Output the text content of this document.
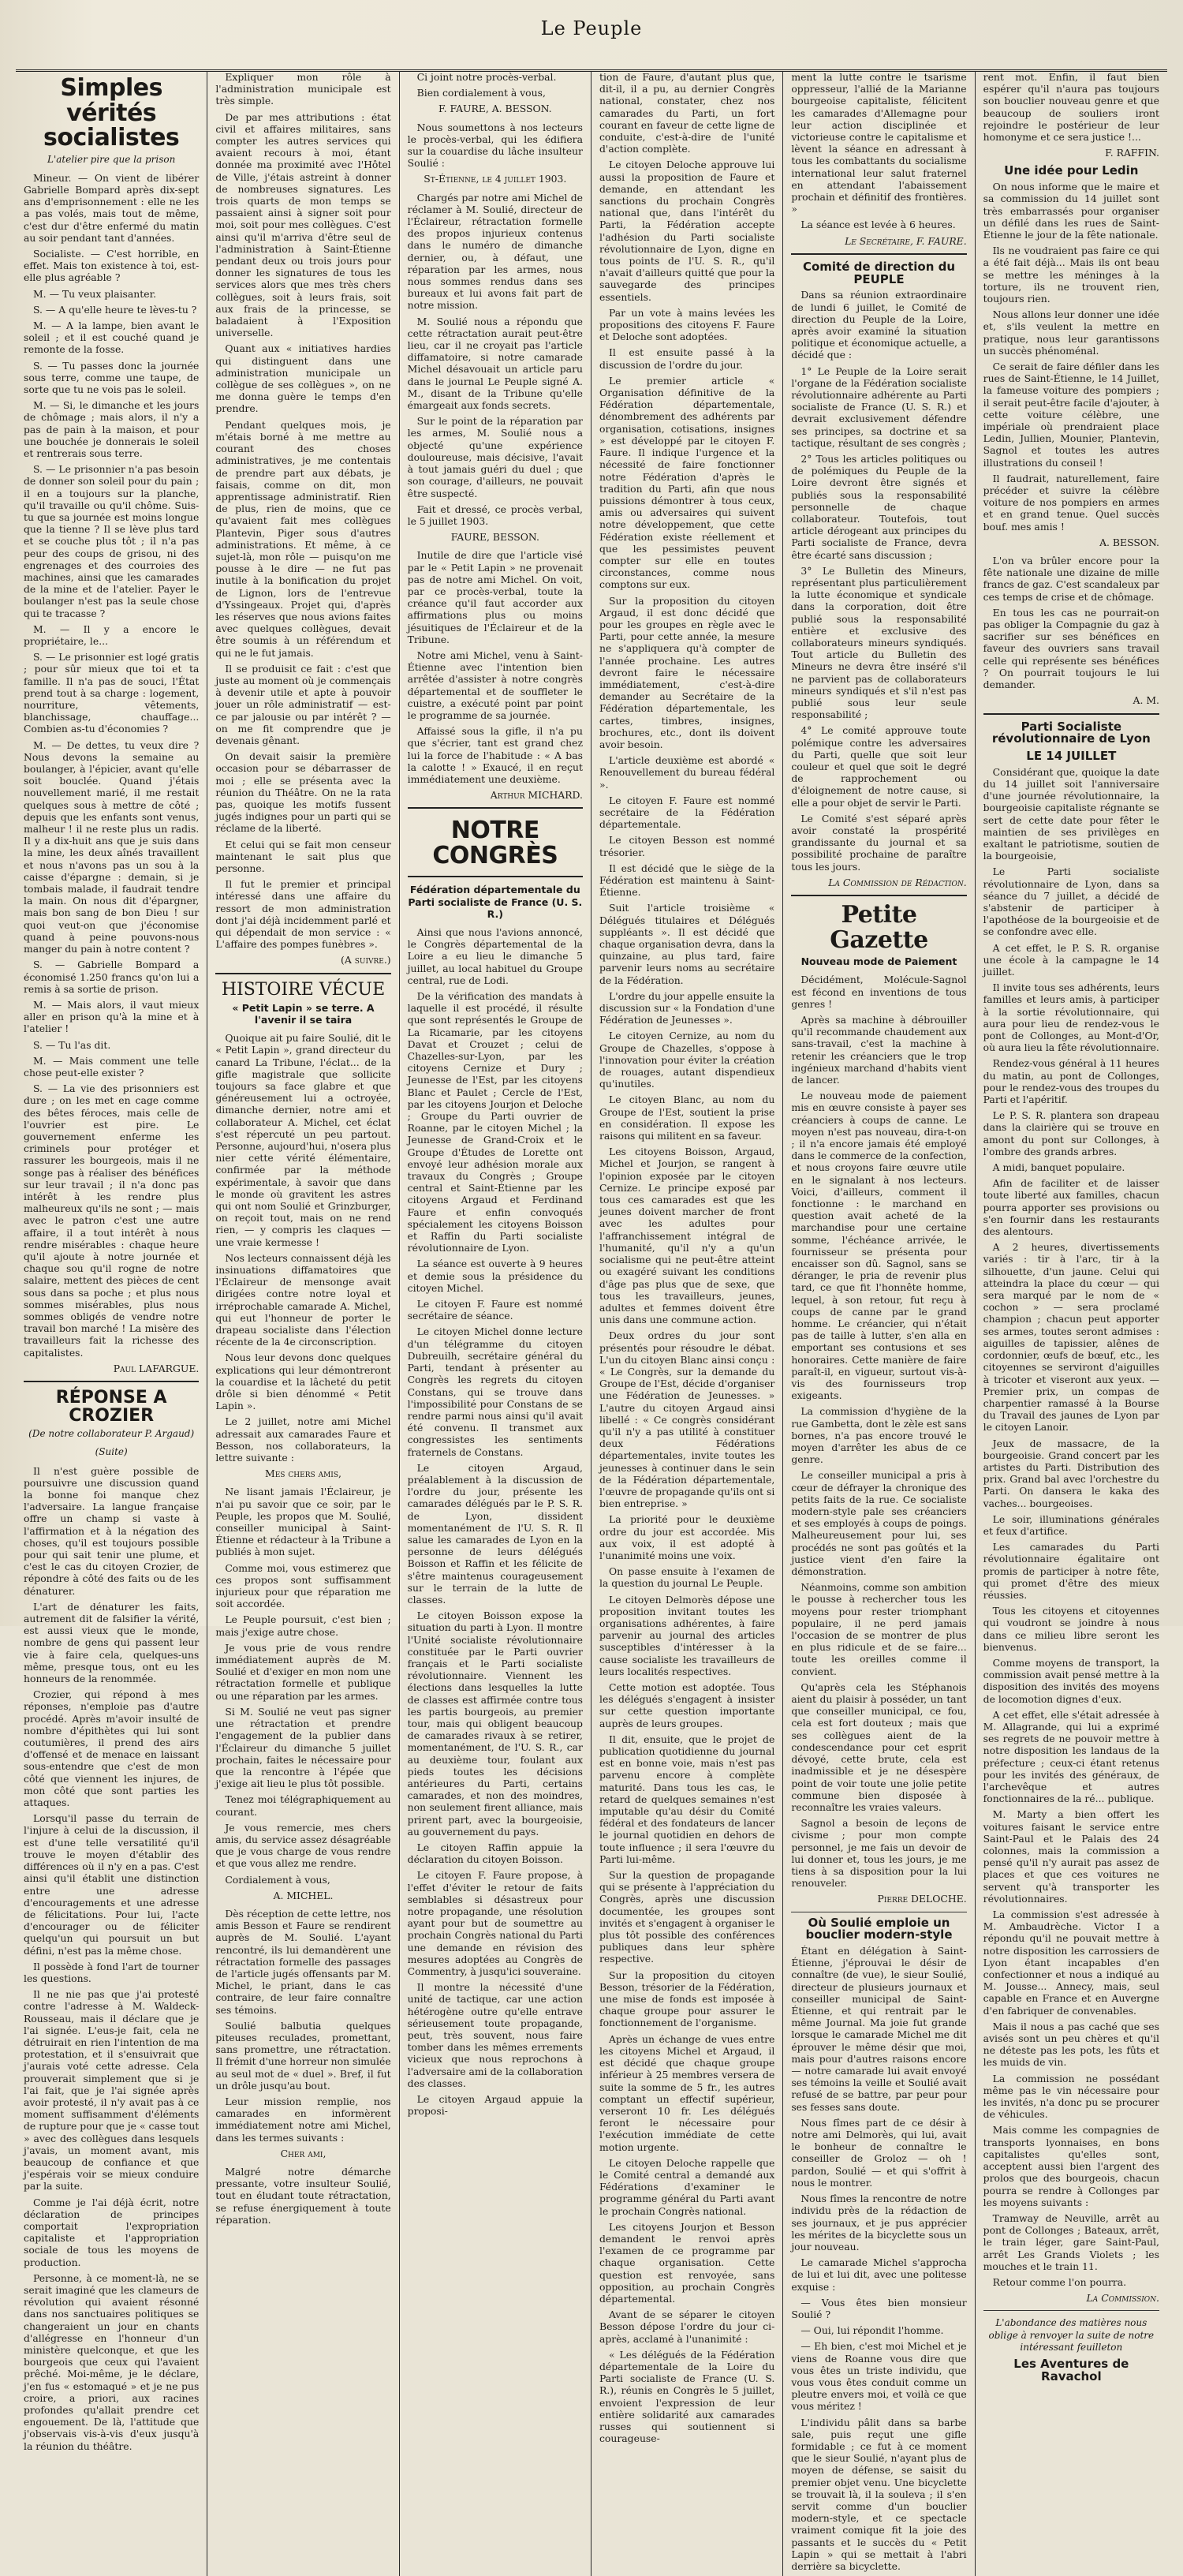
Le Peuple
Simples vérités socialistes
L'atelier pire que la prison

Mineur. — On vient de libérer Gabrielle Bompard après dix-sept ans d'emprisonnement : elle ne les a pas volés, mais tout de même, c'est dur d'être enfermé du matin au soir pendant tant d'années.

Socialiste. — C'est horrible, en effet. Mais ton existence à toi, est-elle plus agréable ?

M. — Tu veux plaisanter.

S. — A qu'elle heure te lèves-tu ?

M. — A la lampe, bien avant le soleil ; et il est couché quand je remonte de la fosse.

S. — Tu passes donc la journée sous terre, comme une taupe, de sorte que tu ne vois pas le soleil.

M. — Si, le dimanche et les jours de chômage ; mais alors, il n'y a pas de pain à la maison, et pour une bouchée je donnerais le soleil et rentrerais sous terre.

S. — Le prisonnier n'a pas besoin de donner son soleil pour du pain ; il en a toujours sur la planche, qu'il travaille ou qu'il chôme. Suis-tu que sa journée est moins longue que la tienne ? Il se lève plus tard et se couche plus tôt ; il n'a pas peur des coups de grisou, ni des engrenages et des courroies des machines, ainsi que les camarades de la mine et de l'atelier. Payer le boulanger n'est pas la seule chose qui te tracasse ?

M. — Il y a encore le propriétaire, le...

S. — Le prisonnier est logé gratis ; pour sûr mieux que toi et ta famille. Il n'a pas de souci, l'État prend tout à sa charge : logement, nourriture, vêtements, blanchissage, chauffage... Combien as-tu d'économies ?

M. — De dettes, tu veux dire ? Nous devons la semaine au boulanger, à l'épicier, avant qu'elle soit bouclée. Quand j'étais nouvellement marié, il me restait quelques sous à mettre de côté ; depuis que les enfants sont venus, malheur ! il ne reste plus un radis. Il y a dix-huit ans que je suis dans la mine, les deux aînés travaillent et nous n'avons pas un sou à la caisse d'épargne : demain, si je tombais malade, il faudrait tendre la main. On nous dit d'épargner, mais bon sang de bon Dieu ! sur quoi veut-on que j'économise quand à peine pouvons-nous manger du pain à notre content ?

S. — Gabrielle Bompard a économisé 1.250 francs qu'on lui a remis à sa sortie de prison.

M. — Mais alors, il vaut mieux aller en prison qu'à la mine et à l'atelier !

S. — Tu l'as dit.

M. — Mais comment une telle chose peut-elle exister ?

S. — La vie des prisonniers est dure ; on les met en cage comme des bêtes féroces, mais celle de l'ouvrier est pire. Le gouvernement enferme les criminels pour protéger et rassurer les bourgeois, mais il ne songe pas à réaliser des bénéfices sur leur travail ; il n'a donc pas intérêt à les rendre plus malheureux qu'ils ne sont ; — mais avec le patron c'est une autre affaire, il a tout intérêt à nous rendre misérables : chaque heure qu'il ajoute à notre journée et chaque sou qu'il rogne de notre salaire, mettent des pièces de cent sous dans sa poche ; et plus nous sommes misérables, plus nous sommes obligés de vendre notre travail bon marché ! La misère des travailleurs fait la richesse des capitalistes.

Paul LAFARGUE.
RÉPONSE A CROZIER
(De notre collaborateur P. Argaud)
(Suite)

Il n'est guère possible de poursuivre une discussion quand la bonne foi manque chez l'adversaire. La langue française offre un champ si vaste à l'affirmation et à la négation des choses, qu'il est toujours possible pour qui sait tenir une plume, et c'est le cas du citoyen Crozier, de répondre à côté des faits ou de les dénaturer.

L'art de dénaturer les faits, autrement dit de falsifier la vérité, est aussi vieux que le monde, nombre de gens qui passent leur vie à faire cela, quelques-uns même, presque tous, ont eu les honneurs de la renommée.

Crozier, qui répond à mes réponses, n'emploie pas d'autre procédé. Après m'avoir insulté de nombre d'épithètes qui lui sont coutumières, il prend des airs d'offensé et de menace en laissant sous-entendre que c'est de mon côté que viennent les injures, de mon côté que sont parties les attaques.

Lorsqu'il passe du terrain de l'injure à celui de la discussion, il est d'une telle versatilité qu'il trouve le moyen d'établir des différences où il n'y en a pas. C'est ainsi qu'il établit une distinction entre une adresse d'encouragements et une adresse de félicitations. Pour lui, l'acte d'encourager ou de féliciter quelqu'un qui poursuit un but défini, n'est pas la même chose.

Il possède à fond l'art de tourner les questions.

Il ne nie pas que j'ai protesté contre l'adresse à M. Waldeck-Rousseau, mais il déclare que je l'ai signée. L'eus-je fait, cela ne détruirait en rien l'intention de ma protestation, et il s'ensuivrait que j'aurais voté cette adresse. Cela prouverait simplement que si je l'ai fait, que je l'ai signée après avoir protesté, il n'y avait pas à ce moment suffisamment d'éléments de rupture pour que je « casse tout » avec des collègues dans lesquels j'avais, un moment avant, mis beaucoup de confiance et que j'espérais voir se mieux conduire par la suite.

Comme je l'ai déjà écrit, notre déclaration de principes comportait l'expropriation capitaliste et l'appropriation sociale de tous les moyens de production.

Personne, à ce moment-là, ne se serait imaginé que les clameurs de révolution qui avaient résonné dans nos sanctuaires politiques se changeraient un jour en chants d'allégresse en l'honneur d'un ministère quelconque, et que les bourgeois que ceux qui l'avaient prêché. Moi-même, je le déclare, j'en fus « estomaqué » et je ne pus croire, a priori, aux racines profondes qu'allait prendre cet engouement. De là, l'attitude que j'observais vis-à-vis d'eux jusqu'à la réunion du théâtre.

Expliquer mon rôle à l'administration municipale est très simple.

De par mes attributions : état civil et affaires militaires, sans compter les autres services qui avaient recours à moi, étant donnée ma proximité avec l'Hôtel de Ville, j'étais astreint à donner de nombreuses signatures. Les trois quarts de mon temps se passaient ainsi à signer soit pour moi, soit pour mes collègues. C'est ainsi qu'il m'arriva d'être seul de l'administration à Saint-Étienne pendant deux ou trois jours pour donner les signatures de tous les services alors que mes très chers collègues, soit à leurs frais, soit aux frais de la princesse, se baladaient à l'Exposition universelle.

Quant aux « initiatives hardies qui distinguent dans une administration municipale un collègue de ses collègues », on ne me donna guère le temps d'en prendre.

Pendant quelques mois, je m'étais borné à me mettre au courant des choses administratives, je me contentais de prendre part aux débats, je faisais, comme on dit, mon apprentissage administratif. Rien de plus, rien de moins, que ce qu'avaient fait mes collègues Plantevin, Piger sous d'autres administrations. Et même, à ce sujet-là, mon rôle — puisqu'on me pousse à le dire — ne fut pas inutile à la bonification du projet de Lignon, lors de l'entrevue d'Yssingeaux. Projet qui, d'après les réserves que nous avions faites avec quelques collègues, devait être soumis à un référendum et qui ne le fut jamais.

Il se produisit ce fait : c'est que juste au moment où je commençais à devenir utile et apte à pouvoir jouer un rôle administratif — est-ce par jalousie ou par intérêt ? — on me fit comprendre que je devenais gênant.

On devait saisir la première occasion pour se débarrasser de moi ; elle se présenta avec la réunion du Théâtre. On ne la rata pas, quoique les motifs fussent jugés indignes pour un parti qui se réclame de la liberté.

Et celui qui se fait mon censeur maintenant le sait plus que personne.

Il fut le premier et principal intéressé dans une affaire du ressort de mon administration dont j'ai déjà incidemment parlé et qui dépendait de mon service : « L'affaire des pompes funèbres ».

(A suivre.)
HISTOIRE VÉCUE
« Petit Lapin » se terre. A l'avenir il se taira

Quoique ait pu faire Soulié, dit le « Petit Lapin », grand directeur du canard La Tribune, l'éclat... de la gifle magistrale que sollicite toujours sa face glabre et que généreusement lui a octroyée, dimanche dernier, notre ami et collaborateur A. Michel, cet éclat s'est répercuté un peu partout. Personne, aujourd'hui, n'osera plus nier cette vérité élémentaire, confirmée par la méthode expérimentale, à savoir que dans le monde où gravitent les astres qui ont nom Soulié et Grinzburger, on reçoit tout, mais on ne rend rien, — y compris les claques — une vraie kermesse !

Nos lecteurs connaissent déjà les insinuations diffamatoires que l'Éclaireur de mensonge avait dirigées contre notre loyal et irréprochable camarade A. Michel, qui eut l'honneur de porter le drapeau socialiste dans l'élection récente de la 4e circonscription.

Nous leur devons donc quelques explications qui leur démontreront la couardise et la lâcheté du petit drôle si bien dénommé « Petit Lapin ».

Le 2 juillet, notre ami Michel adressait aux camarades Faure et Besson, nos collaborateurs, la lettre suivante :

Mes chers amis,

Ne lisant jamais l'Éclaireur, je n'ai pu savoir que ce soir, par le Peuple, les propos que M. Soulié, conseiller municipal à Saint-Étienne et rédacteur à la Tribune a publiés à mon sujet.

Comme moi, vous estimerez que ces propos sont suffisamment injurieux pour que réparation me soit accordée.

Le Peuple poursuit, c'est bien ; mais j'exige autre chose.

Je vous prie de vous rendre immédiatement auprès de M. Soulié et d'exiger en mon nom une rétractation formelle et publique ou une réparation par les armes.

Si M. Soulié ne veut pas signer une rétractation et prendre l'engagement de la publier dans l'Éclaireur du dimanche 5 juillet prochain, faites le nécessaire pour que la rencontre à l'épée que j'exige ait lieu le plus tôt possible.

Tenez moi télégraphiquement au courant.

Je vous remercie, mes chers amis, du service assez désagréable que je vous charge de vous rendre et que vous allez me rendre.

Cordialement à vous,

A. MICHEL.

Dès réception de cette lettre, nos amis Besson et Faure se rendirent auprès de M. Soulié. L'ayant rencontré, ils lui demandèrent une rétractation formelle des passages de l'article jugés offensants par M. Michel, le priant, dans le cas contraire, de leur faire connaître ses témoins.

Soulié balbutia quelques piteuses reculades, promettant, sans promettre, une rétractation. Il frémit d'une horreur non simulée au seul mot de « duel ». Bref, il fut un drôle jusqu'au bout.

Leur mission remplie, nos camarades en informèrent immédiatement notre ami Michel, dans les termes suivants :

Cher ami,

Malgré notre démarche pressante, votre insulteur Soulié, tout en éludant toute rétractation, se refuse énergiquement à toute réparation.

Ci joint notre procès-verbal.

Bien cordialement à vous,

F. FAURE, A. BESSON.

Nous soumettons à nos lecteurs le procès-verbal, qui les édifiera sur la couardise du lâche insulteur Soulié :

St-Étienne, le 4 juillet 1903.

Chargés par notre ami Michel de réclamer à M. Soulié, directeur de l'Éclaireur, rétractation formelle des propos injurieux contenus dans le numéro de dimanche dernier, ou, à défaut, une réparation par les armes, nous nous sommes rendus dans ses bureaux et lui avons fait part de notre mission.

M. Soulié nous a répondu que cette rétractation aurait peut-être lieu, car il ne croyait pas l'article diffamatoire, si notre camarade Michel désavouait un article paru dans le journal Le Peuple signé A. M., disant de la Tribune qu'elle émargeait aux fonds secrets.

Sur le point de la réparation par les armes, M. Soulié nous a objecté qu'une expérience douloureuse, mais décisive, l'avait à tout jamais guéri du duel ; que son courage, d'ailleurs, ne pouvait être suspecté.

Fait et dressé, ce procès verbal, le 5 juillet 1903.

FAURE, BESSON.

Inutile de dire que l'article visé par le « Petit Lapin » ne provenait pas de notre ami Michel. On voit, par ce procès-verbal, toute la créance qu'il faut accorder aux affirmations plus ou moins jésuitiques de l'Éclaireur et de la Tribune.

Notre ami Michel, venu à Saint-Étienne avec l'intention bien arrêtée d'assister à notre congrès départemental et de souffleter le cuistre, a exécuté point par point le programme de sa journée.

Affaissé sous la gifle, il n'a pu que s'écrier, tant est grand chez lui la force de l'habitude : « A bas la calotte ! » Exaucé, il en reçut immédiatement une deuxième.

Arthur MICHARD.
NOTRE CONGRÈS
Fédération départementale du Parti socialiste de France (U. S. R.)

Ainsi que nous l'avions annoncé, le Congrès départemental de la Loire a eu lieu le dimanche 5 juillet, au local habituel du Groupe central, rue de Lodi.

De la vérification des mandats à laquelle il est procédé, il résulte que sont représentés le Groupe de La Ricamarie, par les citoyens Davat et Crouzet ; celui de Chazelles-sur-Lyon, par les citoyens Cernize et Dury ; Jeunesse de l'Est, par les citoyens Blanc et Paulet ; Cercle de l'Est, par les citoyens Jourjon et Deloche ; Groupe du Parti ouvrier de Roanne, par le citoyen Michel ; la Jeunesse de Grand-Croix et le Groupe d'Études de Lorette ont envoyé leur adhésion morale aux travaux du Congrès ; Groupe central et Saint-Étienne par les citoyens Argaud et Ferdinand Faure et enfin convoqués spécialement les citoyens Boisson et Raffin du Parti socialiste révolutionnaire de Lyon.

La séance est ouverte à 9 heures et demie sous la présidence du citoyen Michel.

Le citoyen F. Faure est nommé secrétaire de séance.

Le citoyen Michel donne lecture d'un télégramme du citoyen Dubreuilh, secrétaire général du Parti, tendant à présenter au Congrès les regrets du citoyen Constans, qui se trouve dans l'impossibilité pour Constans de se rendre parmi nous ainsi qu'il avait été convenu. Il transmet aux congressistes les sentiments fraternels de Constans.

Le citoyen Argaud, préalablement à la discussion de l'ordre du jour, présente les camarades délégués par le P. S. R. de Lyon, dissident momentanément de l'U. S. R. Il salue les camarades de Lyon en la personne de leurs délégués Boisson et Raffin et les félicite de s'être maintenus courageusement sur le terrain de la lutte de classes.

Le citoyen Boisson expose la situation du parti à Lyon. Il montre l'Unité socialiste révolutionnaire constituée par le Parti ouvrier français et le Parti socialiste révolutionnaire. Viennent les élections dans lesquelles la lutte de classes est affirmée contre tous les partis bourgeois, au premier tour, mais qui obligent beaucoup de camarades rivaux à se retirer, momentanément, de l'U. S. R., car au deuxième tour, foulant aux pieds toutes les décisions antérieures du Parti, certains camarades, et non des moindres, non seulement firent alliance, mais prirent part, avec la bourgeoisie, au gouvernement du pays.

Le citoyen Raffin appuie la déclaration du citoyen Boisson.

Le citoyen F. Faure propose, à l'effet d'éviter le retour de faits semblables si désastreux pour notre propagande, une résolution ayant pour but de soumettre au prochain Congrès national du Parti une demande en révision des mesures adoptées au Congrès de Commentry, à jusqu'ici souveraine.

Il montre la nécessité d'une unité de tactique, car une action hétérogène outre qu'elle entrave sérieusement toute propagande, peut, très souvent, nous faire tomber dans les mêmes errements vicieux que nous reprochons à l'adversaire ami de la collaboration des classes.

Le citoyen Argaud appuie la proposi-

tion de Faure, d'autant plus que, dit-il, il a pu, au dernier Congrès national, constater, chez nos camarades du Parti, un fort courant en faveur de cette ligne de conduite, c'est-à-dire de l'unité d'action complète.

Le citoyen Deloche approuve lui aussi la proposition de Faure et demande, en attendant les sanctions du prochain Congrès national que, dans l'intérêt du Parti, la Fédération accepte l'adhésion du Parti socialiste révolutionnaire de Lyon, digne en tous points de l'U. S. R., qu'il n'avait d'ailleurs quitté que pour la sauvegarde des principes essentiels.

Par un vote à mains levées les propositions des citoyens F. Faure et Deloche sont adoptées.

Il est ensuite passé à la discussion de l'ordre du jour.

Le premier article « Organisation définitive de la Fédération départementale, dénombrement des adhérents par organisation, cotisations, insignes » est développé par le citoyen F. Faure. Il indique l'urgence et la nécessité de faire fonctionner notre Fédération d'après le tradition du Parti, afin que nous puissions démontrer à tous ceux, amis ou adversaires qui suivent notre développement, que cette Fédération existe réellement et que les pessimistes peuvent compter sur elle en toutes circonstances, comme nous comptons sur eux.

Sur la proposition du citoyen Argaud, il est donc décidé que pour les groupes en règle avec le Parti, pour cette année, la mesure ne s'appliquera qu'à compter de l'année prochaine. Les autres devront faire le nécessaire immédiatement, c'est-à-dire demander au Secrétaire de la Fédération départementale, les cartes, timbres, insignes, brochures, etc., dont ils doivent avoir besoin.

L'article deuxième est abordé « Renouvellement du bureau fédéral ».

Le citoyen F. Faure est nommé secrétaire de la Fédération départementale.

Le citoyen Besson est nommé trésorier.

Il est décidé que le siège de la Fédération est maintenu à Saint-Étienne.

Suit l'article troisième « Délégués titulaires et Délégués suppléants ». Il est décidé que chaque organisation devra, dans la quinzaine, au plus tard, faire parvenir leurs noms au secrétaire de la Fédération.

L'ordre du jour appelle ensuite la discussion sur « la Fondation d'une Fédération de Jeunesses ».

Le citoyen Cernize, au nom du Groupe de Chazelles, s'oppose à l'innovation pour éviter la création de rouages, autant dispendieux qu'inutiles.

Le citoyen Blanc, au nom du Groupe de l'Est, soutient la prise en considération. Il expose les raisons qui militent en sa faveur.

Les citoyens Boisson, Argaud, Michel et Jourjon, se rangent à l'opinion exposée par le citoyen Cernize. Le principe exposé par tous ces camarades est que les jeunes doivent marcher de front avec les adultes pour l'affranchissement intégral de l'humanité, qu'il n'y a qu'un socialisme qui ne peut-être atteint ou exagéré suivant les conditions d'âge pas plus que de sexe, que tous les travailleurs, jeunes, adultes et femmes doivent être unis dans une commune action.

Deux ordres du jour sont présentés pour résoudre le débat. L'un du citoyen Blanc ainsi conçu : « Le Congrès, sur la demande du Groupe de l'Est, décide d'organiser une Fédération de Jeunesses. » L'autre du citoyen Argaud ainsi libellé : « Ce congrès considérant qu'il n'y a pas utilité à constituer deux Fédérations départementales, invite toutes les jeunesses à continuer dans le sein de la Fédération départementale, l'œuvre de propagande qu'ils ont si bien entreprise. »

La priorité pour le deuxième ordre du jour est accordée. Mis aux voix, il est adopté à l'unanimité moins une voix.

On passe ensuite à l'examen de la question du journal Le Peuple.

Le citoyen Delmorès dépose une proposition invitant toutes les organisations adhérentes, à faire parvenir au journal des articles susceptibles d'intéresser à la cause socialiste les travailleurs de leurs localités respectives.

Cette motion est adoptée. Tous les délégués s'engagent à insister sur cette question importante auprès de leurs groupes.

Il dit, ensuite, que le projet de publication quotidienne du journal est en bonne voie, mais n'est pas parvenu encore à complète maturité. Dans tous les cas, le retard de quelques semaines n'est imputable qu'au désir du Comité fédéral et des fondateurs de lancer le journal quotidien en dehors de toute influence ; il sera l'œuvre du Parti lui-même.

Sur la question de propagande qui se présente à l'appréciation du Congrès, après une discussion documentée, les groupes sont invités et s'engagent à organiser le plus tôt possible des conférences publiques dans leur sphère respective.

Sur la proposition du citoyen Besson, trésorier de la Fédération, une mise de fonds est imposée à chaque groupe pour assurer le fonctionnement de l'organisme.

Après un échange de vues entre les citoyens Michel et Argaud, il est décidé que chaque groupe inférieur à 25 membres versera de suite la somme de 5 fr., les autres comptant un effectif supérieur, verseront 10 fr. Les délégués feront le nécessaire pour l'exécution immédiate de cette motion urgente.

Le citoyen Deloche rappelle que le Comité central a demandé aux Fédérations d'examiner le programme général du Parti avant le prochain Congrès national.

Les citoyens Jourjon et Besson demandent le renvoi après l'examen de ce programme par chaque organisation. Cette question est renvoyée, sans opposition, au prochain Congrès départemental.

Avant de se séparer le citoyen Besson dépose l'ordre du jour ci-après, acclamé à l'unanimité :

« Les délégués de la Fédération départementale de la Loire du Parti socialiste de France (U. S. R.), réunis en Congrès le 5 juillet, envoient l'expression de leur entière solidarité aux camarades russes qui soutiennent si courageuse-

ment la lutte contre le tsarisme oppresseur, l'allié de la Marianne bourgeoise capitaliste, félicitent les camarades d'Allemagne pour leur action disciplinée et victorieuse contre le capitalisme et lèvent la séance en adressant à tous les combattants du socialisme international leur salut fraternel en attendant l'abaissement prochain et définitif des frontières. »

La séance est levée à 6 heures.

Le Secrétaire, F. FAURE.
Comité de direction du PEUPLE

Dans sa réunion extraordinaire de lundi 6 juillet, le Comité de direction du Peuple de la Loire, après avoir examiné la situation politique et économique actuelle, a décidé que :

1° Le Peuple de la Loire serait l'organe de la Fédération socialiste révolutionnaire adhérente au Parti socialiste de France (U. S. R.) et devrait exclusivement défendre ses principes, sa doctrine et sa tactique, résultant de ses congrès ;

2° Tous les articles politiques ou de polémiques du Peuple de la Loire devront être signés et publiés sous la responsabilité personnelle de chaque collaborateur. Toutefois, tout article dérogeant aux principes du Parti socialiste de France, devra être écarté sans discussion ;

3° Le Bulletin des Mineurs, représentant plus particulièrement la lutte économique et syndicale dans la corporation, doit être publié sous la responsabilité entière et exclusive des collaborateurs mineurs syndiqués. Tout article du Bulletin des Mineurs ne devra être inséré s'il ne parvient pas de collaborateurs mineurs syndiqués et s'il n'est pas publié sous leur seule responsabilité ;

4° Le comité approuve toute polémique contre les adversaires du Parti, quelle que soit leur couleur et quel que soit le degré de rapprochement ou d'éloignement de notre cause, si elle a pour objet de servir le Parti.

Le Comité s'est séparé après avoir constaté la prospérité grandissante du journal et sa possibilité prochaine de paraître tous les jours.

La Commission de Rédaction.
Petite Gazette
Nouveau mode de Paiement

Décidément, Molécule-Sagnol est fécond en inventions de tous genres !

Après sa machine à débrouiller qu'il recommande chaudement aux sans-travail, c'est la machine à retenir les créanciers que le trop ingénieux marchand d'habits vient de lancer.

Le nouveau mode de paiement mis en œuvre consiste à payer ses créanciers à coups de canne. Le moyen n'est pas nouveau, dira-t-on ; il n'a encore jamais été employé dans le commerce de la confection, et nous croyons faire œuvre utile en le signalant à nos lecteurs. Voici, d'ailleurs, comment il fonctionne : le marchand en question avait acheté de la marchandise pour une certaine somme, l'échéance arrivée, le fournisseur se présenta pour encaisser son dû. Sagnol, sans se déranger, le pria de revenir plus tard, ce que fit l'honnête homme, lequel, à son retour, fut reçu à coups de canne par le grand homme. Le créancier, qui n'était pas de taille à lutter, s'en alla en emportant ses contusions et ses honoraires. Cette manière de faire paraît-il, en vigueur, surtout vis-à-vis des fournisseurs trop exigeants.

La commission d'hygiène de la rue Gambetta, dont le zèle est sans bornes, n'a pas encore trouvé le moyen d'arrêter les abus de ce genre.

Le conseiller municipal a pris à cœur de défrayer la chronique des petits faits de la rue. Ce socialiste modern-style pale ses créanciers et ses employés à coups de poings. Malheureusement pour lui, ses procédés ne sont pas goûtés et la justice vient d'en faire la démonstration.

Néanmoins, comme son ambition le pousse à rechercher tous les moyens pour rester triomphant populaire, il ne perd jamais l'occasion de se montrer de plus en plus ridicule et de se faire... toute les oreilles comme il convient.

Qu'après cela les Stéphanois aient du plaisir à posséder, un tant que conseiller municipal, ce fou, cela est fort douteux ; mais que ses collègues aient de la condescendance pour cet esprit dévoyé, cette brute, cela est inadmissible et je ne désespère point de voir toute une jolie petite commune bien disposée à reconnaître les vraies valeurs.

Sagnol a besoin de leçons de civisme ; pour mon compte personnel, je me fais un devoir de lui donner et, tous les jours, je me tiens à sa disposition pour la lui renouveler.

Pierre DELOCHE.
Où Soulié emploie un bouclier modern-style

Étant en délégation à Saint-Étienne, j'éprouvai le désir de connaître (de vue), le sieur Soulié, directeur de plusieurs journaux et conseiller municipal de Saint-Étienne, et qui rentrait par le même Journal. Ma joie fut grande lorsque le camarade Michel me dit éprouver le même désir que moi, mais pour d'autres raisons encore — notre camarade lui avait envoyé ses témoins la veille et Soulié avait refusé de se battre, par peur pour ses fesses sans doute.

Nous fîmes part de ce désir à notre ami Delmorès, qui lui, avait le bonheur de connaître le conseiller de Groloz — oh ! pardon, Soulié — et qui s'offrit à nous le montrer.

Nous fîmes la rencontre de notre individu près de la rédaction de ses journaux, et je pus apprécier les mérites de la bicyclette sous un jour nouveau.

Le camarade Michel s'approcha de lui et lui dit, avec une politesse exquise :

— Vous êtes bien monsieur Soulié ?

— Oui, lui répondit l'homme.

— Eh bien, c'est moi Michel et je viens de Roanne vous dire que vous êtes un triste individu, que vous vous êtes conduit comme un pleutre envers moi, et voilà ce que vous méritez !

L'individu pâlit dans sa barbe sale, puis reçut une gifle formidable ; ce fut à ce moment que le sieur Soulié, n'ayant plus de moyen de défense, se saisit du premier objet venu. Une bicyclette se trouvait là, il la souleva ; il s'en servit comme d'un bouclier modern-style, et ce spectacle vraiment comique fit la joie des passants et le succès du « Petit Lapin » qui se mettait à l'abri derrière sa bicyclette.

rent mot. Enfin, il faut bien espérer qu'il n'aura pas toujours son bouclier nouveau genre et que beaucoup de souliers iront rejoindre le postérieur de leur homonyme et ce sera justice !...

F. RAFFIN.
Une idée pour Ledin

On nous informe que le maire et sa commission du 14 juillet sont très embarrassés pour organiser un défilé dans les rues de Saint-Étienne le jour de la fête nationale.

Ils ne voudraient pas faire ce qui a été fait déjà... Mais ils ont beau se mettre les méninges à la torture, ils ne trouvent rien, toujours rien.

Nous allons leur donner une idée et, s'ils veulent la mettre en pratique, nous leur garantissons un succès phénoménal.

Ce serait de faire défiler dans les rues de Saint-Étienne, le 14 Juillet, la fameuse voiture des pompiers ; il serait peut-être facile d'ajouter, à cette voiture célèbre, une impériale où prendraient place Ledin, Jullien, Mounier, Plantevin, Sagnol et toutes les autres illustrations du conseil !

Il faudrait, naturellement, faire précéder et suivre la célèbre voiture de nos pompiers en armes et en grand tenue. Quel succès bouf. mes amis !

A. BESSON.

L'on va brûler encore pour la fête nationale une dizaine de mille francs de gaz. C'est scandaleux par ces temps de crise et de chômage.

En tous les cas ne pourrait-on pas obliger la Compagnie du gaz à sacrifier sur ses bénéfices en faveur des ouvriers sans travail celle qui représente ses bénéfices ? On pourrait toujours le lui demander.

A. M.
Parti Socialiste révolutionnaire de Lyon
LE 14 JUILLET

Considérant que, quoique la date du 14 juillet soit l'anniversaire d'une journée révolutionnaire, la bourgeoisie capitaliste régnante se sert de cette date pour fêter le maintien de ses privilèges en exaltant le patriotisme, soutien de la bourgeoisie,

Le Parti socialiste révolutionnaire de Lyon, dans sa séance du 7 juillet, a décidé de s'abstenir de participer à l'apothéose de la bourgeoisie et de se confondre avec elle.

A cet effet, le P. S. R. organise une école à la campagne le 14 juillet.

Il invite tous ses adhérents, leurs familles et leurs amis, à participer à la sortie révolutionnaire, qui aura pour lieu de rendez-vous le pont de Collonges, au Mont-d'Or, où aura lieu la fête révolutionnaire.

Rendez-vous général à 11 heures du matin, au pont de Collonges, pour le rendez-vous des troupes du Parti et l'apéritif.

Le P. S. R. plantera son drapeau dans la clairière qui se trouve en amont du pont sur Collonges, à l'ombre des grands arbres.

A midi, banquet populaire.

Afin de faciliter et de laisser toute liberté aux familles, chacun pourra apporter ses provisions ou s'en fournir dans les restaurants des alentours.

A 2 heures, divertissements variés : tir à l'arc, tir à la silhouette, d'un jaune. Celui qui atteindra la place du cœur — qui sera marqué par le nom de « cochon » — sera proclamé champion ; chacun peut apporter ses armes, toutes seront admises : aiguilles de tapissier, alênes de cordonnier, œufs de bœuf, etc., les citoyennes se serviront d'aiguilles à tricoter et viseront aux yeux. — Premier prix, un compas de charpentier ramassé à la Bourse du Travail des jaunes de Lyon par le citoyen Lanoir.

Jeux de massacre, de la bourgeoisie. Grand concert par les artistes du Parti. Distribution des prix. Grand bal avec l'orchestre du Parti. On dansera le kaka des vaches... bourgeoises.

Le soir, illuminations générales et feux d'artifice.

Les camarades du Parti révolutionnaire égalitaire ont promis de participer à notre fête, qui promet d'être des mieux réussies.

Tous les citoyens et citoyennes qui voudront se joindre à nous dans ce milieu libre seront les bienvenus.

Comme moyens de transport, la commission avait pensé mettre à la disposition des invités des moyens de locomotion dignes d'eux.

A cet effet, elle s'était adressée à M. Allagrande, qui lui a exprimé ses regrets de ne pouvoir mettre à notre disposition les landaus de la préfecture ; ceux-ci étant retenus pour les invités des généraux, de l'archevêque et autres fonctionnaires de la ré... publique.

M. Marty a bien offert les voitures faisant le service entre Saint-Paul et le Palais des 24 colonnes, mais la commission a pensé qu'il n'y aurait pas assez de places et que ces voitures ne servent qu'à transporter les révolutionnaires.

La commission s'est adressée à M. Ambaudrèche. Victor I a répondu qu'il ne pouvait mettre à notre disposition les carrossiers de Lyon étant incapables d'en confectionner et nous a indiqué au M. Jousse... Annecy, mais, seul capable en France et en Auvergne d'en fabriquer de convenables.

Mais il nous a pas caché que ses avisés sont un peu chères et qu'il ne déteste pas les pots, les fûts et les muids de vin.

La commission ne possédant même pas le vin nécessaire pour les invités, n'a donc pu se procurer de véhicules.

Mais comme les compagnies de transports lyonnaises, en bons capitalistes qu'elles sont, acceptent aussi bien l'argent des prolos que des bourgeois, chacun pourra se rendre à Collonges par les moyens suivants :

Tramway de Neuville, arrêt au pont de Collonges ; Bateaux, arrêt, le train léger, gare Saint-Paul, arrêt Les Grands Violets ; les mouches et le train 11.

Retour comme l'on pourra.

La Commission.
L'abondance des matières nous oblige à renvoyer la suite de notre intéressant feuilleton
Les Aventures de Ravachol
